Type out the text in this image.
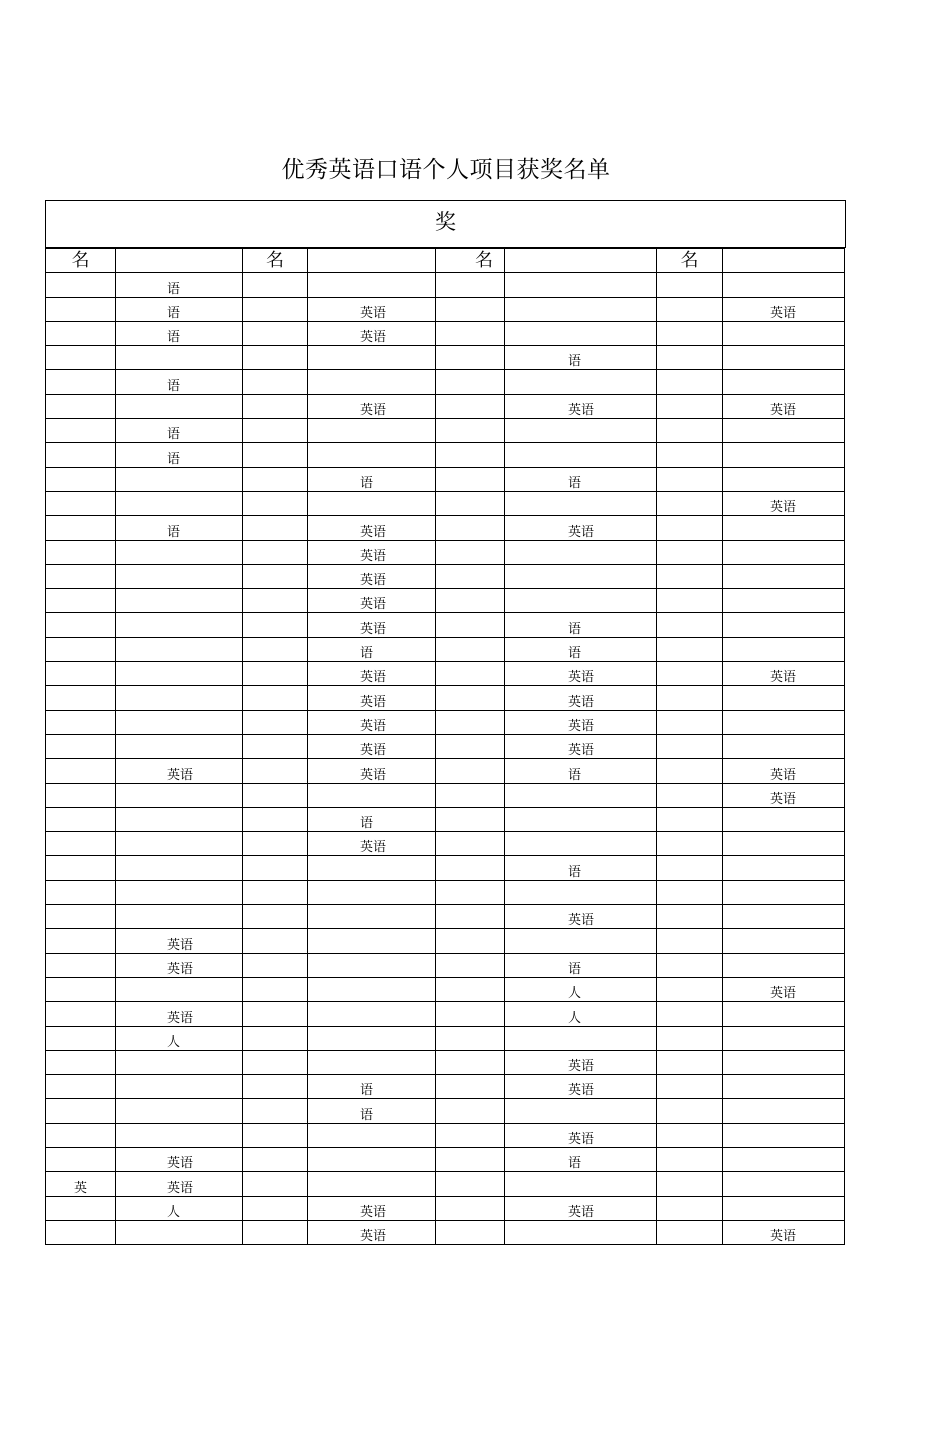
优秀英语口语个人项目获奖名单
奖
名		名		名		名	
	语						
	语		英语				英语
	语		英语				
					语		
	语						
			英语		英语		英语
	语						
	语						
			语		语		
							英语
	语		英语		英语		
			英语				
			英语				
			英语				
			英语		语		
			语		语		
			英语		英语		英语
			英语		英语		
			英语		英语		
			英语		英语		
	英语		英语		语		英语
							英语
			语				
			英语				
					语		

					英语		
	英语						
	英语				语		
					人		英语
	英语				人		
	人						
					英语		
			语		英语		
			语				
					英语		
	英语				语		
英	英语						
	人		英语		英语		
			英语				英语
